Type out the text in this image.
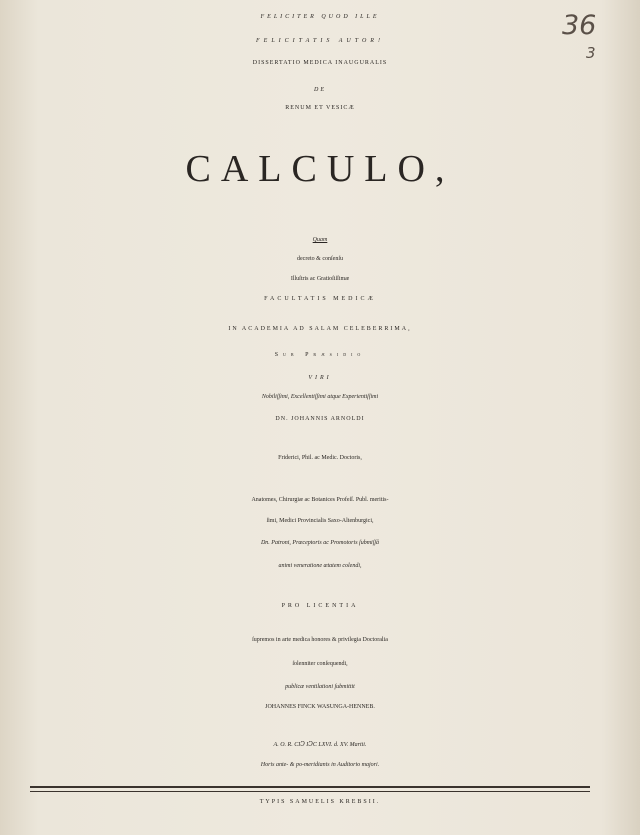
36
3

FELICITER QUOD ILLE

FELICITATIS AUTOR!

DISSERTATIO MEDICA INAUGURALIS

DE

RENUM ET VESICÆ

CALCULO,

Quam

decreto & conſenſu

Illuſtris ac Gratioſiſſimæ

FACULTATIS MEDICÆ

IN ACADEMIA AD SALAM CELEBERRIMA,

Sub Præsidio

VIRI

Nobiliſſimi, Excellentiſſimi atque Experientiſſimi

DN. JOHANNIS ARNOLDI

Friderici, Phil. ac Medic. Doctoris,

Anatomes, Chirurgiæ ac Botanices Profeſſ. Publ. meritis-

ſimi, Medici Provincialis Saxo-Altenburgici,

Dn. Patroni, Præceptoris ac Promotoris ſubmiſſâ

animi veneratione ætatem colendi,

PRO LICENTIA

ſupremos in arte medica honores & privilegia Doctoralia

ſolenniter conſequendi,

publicæ ventilationi ſubmittit

JOHANNES FINCK WASUNGA-HENNEB.

A. O. R. CIↃ IↃC LXVI. d. XV. Martii.

Horis ante- & po-meridianis in Auditorio majori.

TYPIS SAMUELIS KREBSII.
